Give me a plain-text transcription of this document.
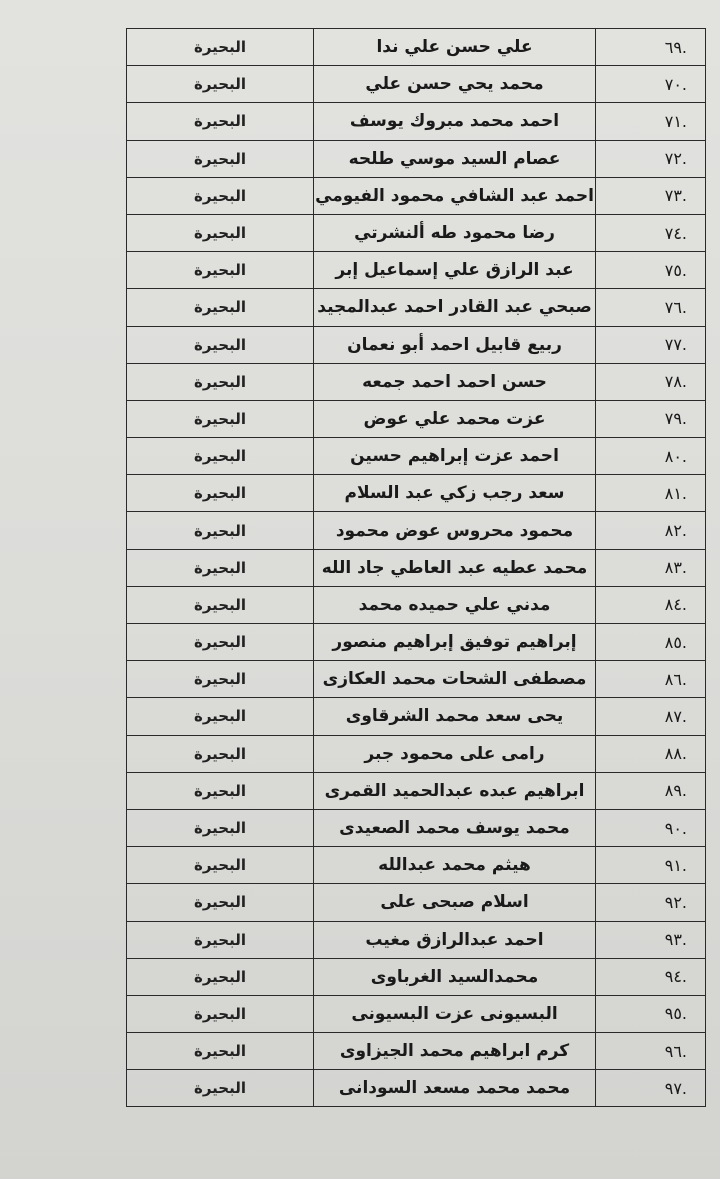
.٦٩
علي حسن علي ندا
البحيرة
.٧٠
محمد يحي حسن علي
البحيرة
.٧١
احمد محمد مبروك يوسف
البحيرة
.٧٢
عصام السيد موسي طلحه
البحيرة
.٧٣
احمد عبد الشافي محمود الفيومي
البحيرة
.٧٤
رضا محمود طه ألنشرتي
البحيرة
.٧٥
عبد الرازق علي إسماعيل إبر
البحيرة
.٧٦
صبحي عبد القادر احمد عبدالمجيد
البحيرة
.٧٧
ربيع قابيل احمد أبو نعمان
البحيرة
.٧٨
حسن احمد احمد جمعه
البحيرة
.٧٩
عزت محمد علي عوض
البحيرة
.٨٠
احمد عزت إبراهيم حسين
البحيرة
.٨١
سعد رجب زكي عبد السلام
البحيرة
.٨٢
محمود محروس عوض محمود
البحيرة
.٨٣
محمد عطيه عبد العاطي جاد الله
البحيرة
.٨٤
مدني علي حميده محمد
البحيرة
.٨٥
إبراهيم توفيق إبراهيم منصور
البحيرة
.٨٦
مصطفى الشحات محمد العكازى
البحيرة
.٨٧
يحى سعد محمد الشرقاوى
البحيرة
.٨٨
رامى على محمود جبر
البحيرة
.٨٩
ابراهيم عبده عبدالحميد القمرى
البحيرة
.٩٠
محمد يوسف محمد الصعيدى
البحيرة
.٩١
هيثم محمد عبدالله
البحيرة
.٩٢
اسلام صبحى على
البحيرة
.٩٣
احمد عبدالرازق مغيب
البحيرة
.٩٤
محمدالسيد الغرباوى
البحيرة
.٩٥
البسيونى عزت البسيونى
البحيرة
.٩٦
كرم ابراهيم محمد الجيزاوى
البحيرة
.٩٧
محمد محمد مسعد السودانى
البحيرة
